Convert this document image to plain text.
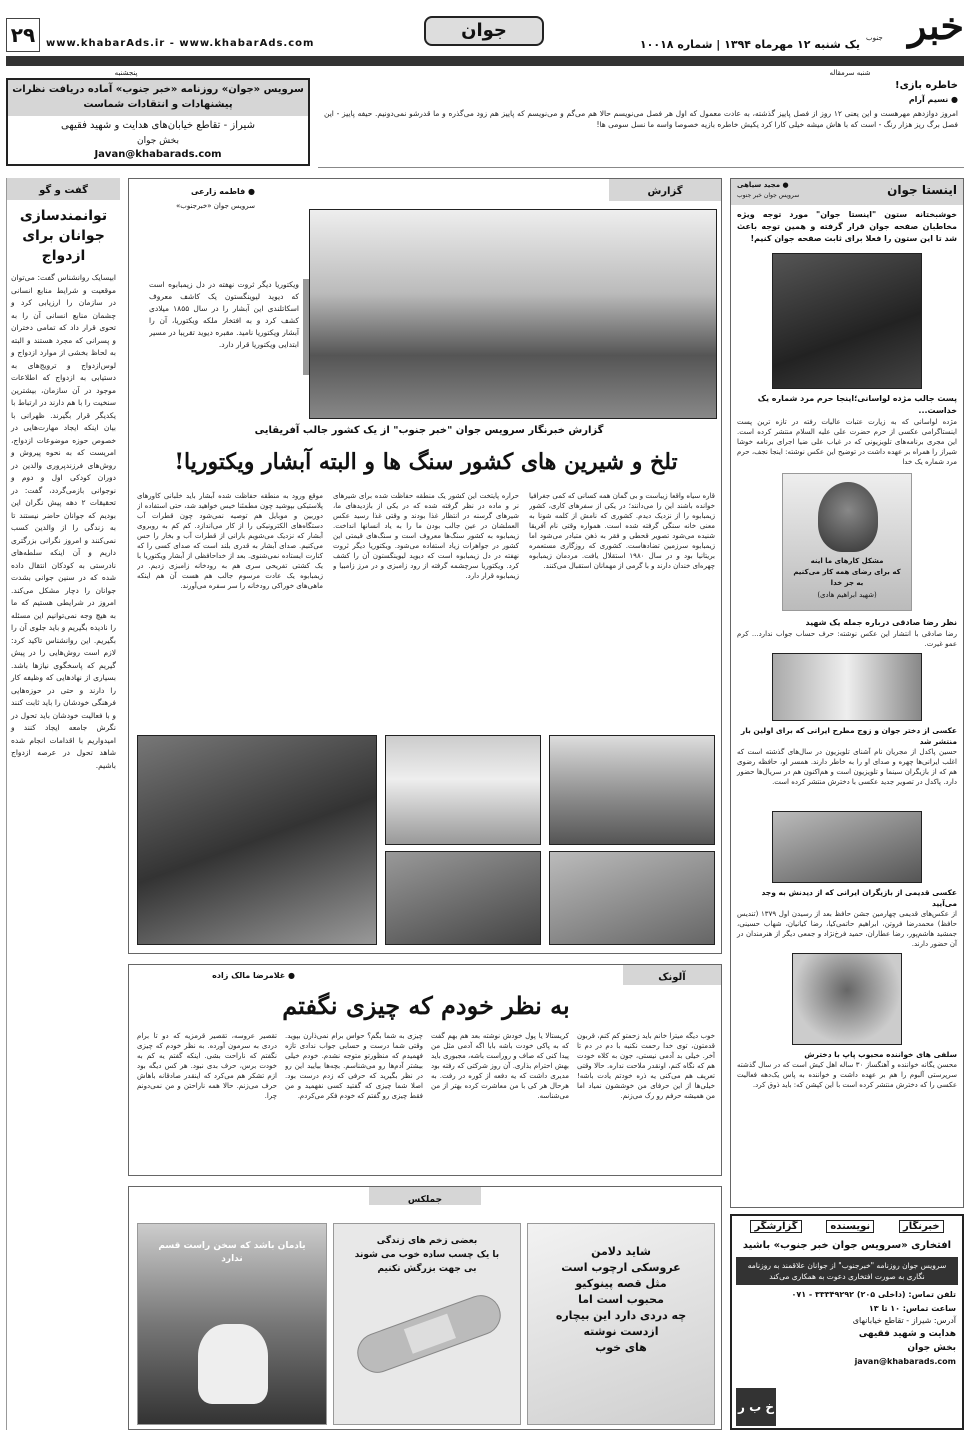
۲۹	www.khabarAds.ir - www.khabarAds.com
جوان
یک شنبه ۱۲ مهرماه ۱۳۹۴ | شماره ۱۰۰۱۸ خبر
جنوب
KHABAR-E-JONOOB MORNING NEWSPAPER	شنبه سرمقاله
پنجشنبه
سرویس «جوان» روزنامه «خبر جنوب» آماده دریافت نظرات
پیشنهادات و انتقادات شماست
شیراز - تقاطع خیابان‌های هدایت و شهید فقیهی
بخش جوان
Javan@khabarads.com
خاطره بازی!
● نسیم آرام
امروز دوازدهم مهرهست و این یعنی ۱۲ روز از فصل پاییز گذشته، به عادت معمول که اول هر فصل می‌نویسم حالا هم می‌گم و می‌نویسم که پاییز هم زود می‌گذره و ما قدرشو نمی‌دونیم. حیفه پاییز - این فصل برگ ریز هزار رنگ - است که با هاش میشه خیلی کارا کرد یکیش خاطره بازیه خصوصا واسه ما نسل سومی ها!
گفت و گو
توانمندسازی جوانان برای ازدواج
ابیسایک روانشناس گفت: می‌توان موقعیت و شرایط منابع انسانی در سازمان را ارزیابی کرد و چشمان منابع انسانی آن را به تحوی قرار داد که تمامی دختران و پسرانی که مجرد هستند و البته به لحاظ بخشی از موارد ازدواج و لوس‌ازدواج و ترویج‌های به دستیابی به ازدواج که اطلاعات موجود در آن سازمان، بیشترین سنخیت را با هم دارند در ارتباط با یکدیگر قرار بگیرند. ظهرانی با بیان اینکه ایجاد مهارت‌هایی در خصوص حوزه موضوعات ازدواج، امریست که به نحوه پیروش و روش‌های فرزندپروری والدین در دوران کودکی اول و دوم و نوجوانی بازمی‌گردد، گفت: در تحقیقات ۲ دهه پیش نگران این بودیم که جوانان حاضر نیستند تا به زندگی را از والدین کسب نمی‌کنند و امروز نگرانی بزرگتری داریم و آن اینکه سلطه‌های نادرستی به کودکان انتقال داده شده که در سنین جوانی بشدت جوانان را دچار مشکل می‌کند. امروز در شرایطی هستیم که ما به هیچ وجه نمی‌توانیم این مسئله را نادیده بگیریم و باید جلوی آن را بگیریم. این روانشناس تاکید کرد: لازم است روش‌هایی را در پیش گیریم که پاسخگوی نیازها باشد. بسیاری از نهادهایی که وظیفه کار را دارند و حتی در حوزه‌هایی فرهنگی خودشان را باید ثابت کنند و با فعالیت خودشان باید تحول در نگرش جامعه ایجاد کنند و امیدواریم با اقدامات انجام شده شاهد تحول در عرصه ازدواج باشیم.
گزارش
● فاطمه زارعی
سرویس جوان «خبرجنوب»
ویکتوریا دیگر ثروت نهفته در دل زیمبابوه است که دیوید لیوینگستون یک کاشف معروف اسکاتلندی این آبشار را در سال ۱۸۵۵ میلادی کشف کرد و به افتخار ملکه ویکتوریا، آن را آبشار ویکتوریا نامید. مقبره دیوید تقریبا در مسیر ابتدایی ویکتوریا قرار دارد.
گزارش خبرنگار سرویس جوان "خبر جنوب" از یک کشور جالب آفریقایی
تلخ و شیرین های کشور سنگ ها و البته آبشار ویکتوریا!
قاره سیاه واقعا زیباست و بی گمان همه کسانی که کمی جغرافیا خوانده باشند این را می‌دانند؛ در یکی از سفرهای کاری، کشور زیمبابوه را از نزدیک دیدم. کشوری که نامش از کلمه شونا به معنی خانه سنگی گرفته شده است. همواره وقتی نام آفریقا شنیده می‌شود تصویر قحطی و فقر به ذهن متبادر می‌شود اما زیمبابوه سرزمین تضادهاست. کشوری که روزگاری مستعمره بریتانیا بود و در سال ۱۹۸۰ استقلال یافت. مردمان زیمبابوه چهره‌ای خندان دارند و با گرمی از مهمانان استقبال می‌کنند.
حراره پایتخت این کشور یک منطقه حفاظت شده برای شیرهای نر و ماده در نظر گرفته شده که در یکی از بازدیدهای ما، شیرهای گرسنه در انتظار غذا بودند و وقتی غذا رسید عکس العملشان در عین جالب بودن ما را به یاد انسانها انداخت. زیمبابوه به کشور سنگ‌ها معروف است و سنگ‌های قیمتی این کشور در جواهرات زیاد استفاده می‌شود. ویکتوریا دیگر ثروت نهفته در دل زیمبابوه است که دیوید لیوینگستون آن را کشف کرد. ویکتوریا سرچشمه گرفته از رود زامبزی و در مرز زامبیا و زیمبابوه قرار دارد.
موقع ورود به منطقه حفاظت شده آبشار باید خلبانی کاورهای پلاستیکی بپوشید چون مطمئنا خیس خواهید شد، حتی استفاده از دوربین و موبایل هم توصیه نمی‌شود چون قطرات آب دستگاه‌های الکترونیکی را از کار می‌اندازد. کم کم به روبروی آبشار که نزدیک می‌شویم بارانی از قطرات آب و بخار را حس می‌کنیم. صدای آبشار به قدری بلند است که صدای کسی را که کنارت ایستاده نمی‌شنوی. بعد از خداحافظی از آبشار ویکتوریا با یک کشتی تفریحی سری هم به رودخانه زامبزی زدیم. در زیمبابوه یک عادت مرسوم جالب هم هست آن هم اینکه ماهی‌های خوراکی رودخانه را سر سفره می‌آورند.
آلونک
● غلامرضا مالک زاده
به نظر خودم که چیزی نگفتم
خوب دیگه میترا خانم باید زحمتو کم کنم، قربون قدمتون، توی خدا رحمت نکنیه با دم در دم تا آخر. خیلی بد آدمی نیستی، جون به کلاه خودت هم که نگاه کنم، اونقدر ملاحت نداره. حالا وقتی تعریف هم می‌کنی یه ذره خودتم یادت باشه! خیلی‌ها از این حرفای من خوششون نمیاد اما من همیشه حرفم رو رک می‌زنم.
کریستالا یا پول خودش نوشته بعد هم بهم گفت که به پاکی خودت باشه بابا اگه آدمی مثل من پیدا کنی که صاف و روراست باشه، مجبوری باید بهش احترام بذاری. آن روز شرکتی که رفته بود مدیری داشت که یه دفعه از کوره در رفت. به هرحال هر کی با من معاشرت کرده بهتر از من می‌شناسه.
چیزی به شما بگم؟ حواس برام نمی‌ذارن بپوید. وقتی شما درست و حسابی جواب ندادی تازه فهمیدم که منظورتو متوجه نشدم. خودم خیلی بیشتر آدم‌ها رو می‌شناسم. بچه‌ها بیایید این رو در نظر بگیرید که حرفی که زدم درست بود. اصلا شما چیزی که گفتید کسی نفهمید و من فقط چیزی رو گفتم که خودم فکر می‌کردم.
تقصیر عروسه، تقصیر قرمزیه که دو تا برام دردی به سرمون آورده. به نظر خودم که چیزی نگفتم که ناراحت بشی. اینکه گفتم یه کم به خودت برس، حرف بدی نبود. هر کس دیگه بود ازم تشکر هم می‌کرد که اینقدر صادقانه باهاش حرف می‌زنم. حالا همه ناراحتن و من نمی‌دونم چرا.
جملکس
شاید دلامن
عروسکی ارچوب است
مثل قصه پینوکیو
محبوب است اما
چه دردی دارد این بیچاره
ازدست نوشته
های خوب
بعضی زخم های زندگی
با یک چسب ساده خوب می شوند
بی جهت بزرگش نکنیم
یادمان باشد که سخن راست قسم ندارد
اینستا جوان
● مجید سیاهی
سرویس جوان خبر جنوب
خوشبختانه ستون "اینستا جوان" مورد توجه ویژه مخاطبان صفحه جوان قرار گرفته و همین توجه باعث شد تا این ستون را فعلا برای ثابت صفحه جوان کنیم!
پست جالب مژده لواسانی؛اینجا حرم مرد شماره یک خداست...
مژده لواسانی که به زیارت عتبات عالیات رفته در تازه ترین پست اینستاگرامی عکسی از حرم حضرت علی علیه السلام منتشر کرده است. این مجری برنامه‌های تلویزیونی که در غیاب علی ضیا اجرای برنامه خوشا شیراز را همراه بر عهده داشت در توضیح این عکس نوشته: اینجا نجف، حرم مرد شماره یک خدا
مشکل کارهای ما اینه
که برای رضای همه کار می‌کنیم
به جز خدا
(شهید ابراهیم هادی)
نظر رضا صادقی درباره جمله یک شهید
رضا صادقی با انتشار این عکس نوشته: حرف حساب جواب ندارد... کرم عمو غیرت.
عکسی از دختر جوان و زوج مطرح ایرانی که برای اولین بار منتشر شد
حسین پاکدل از مجریان نام آشنای تلویزیون در سال‌های گذشته است که اغلب ایرانی‌ها چهره و صدای او را به خاطر دارند. همسر او، حافظه رضوی هم که از بازیگران سینما و تلویزیون است و هم‌اکنون هم در سریال‌ها حضور دارد. پاکدل در تصویر جدید عکسی با دخترش منتشر کرده است.
عکسی قدیمی از بازیگران ایرانی که از دیدنش به وجد می‌آیید
از عکس‌های قدیمی چهارمین جشن حافظ بعد از رسیدن اول ۱۳۷۹ (تندیس حافظ) محمدرضا فروتن، ابراهیم حاتمی‌کیا، رضا کیانیان، شهاب حسینی، جمشید هاشم‌پور، رضا عطاران، حمید فرخ‌نژاد و جمعی دیگر از هنرمندان در آن حضور دارند.
سلفی های خواننده محبوب پاپ با دخترش
محسن یگانه خواننده و آهنگساز ۳۰ ساله اهل کیش است که در سال گذشته سرپرستی آلبوم را هم بر عهده داشت و خواننده به پاس یک‌دهه فعالیت عکسی را که دخترش منتشر کرده است با این کپشن که: باید ذوق کرد.
خبرنگار
نویسنده
گزارشگر
افتخاری «سرویس جوان خبر جنوب» باشید
سرویس جوان روزنامه "خبرجنوب" از جوانان علاقمند به روزنامه نگاری به صورت افتخاری دعوت به همکاری می‌کند
تلفن تماس: (داخلی ۲۰۵) ۳۳۳۴۹۲۹۲ - ۰۷۱
ساعت تماس: ۱۰ تا ۱۳
آدرس: شیراز - تقاطع خیابانهای
هدایت و شهید فقیهی
بخش جوان
javan@khabarads.com
خ ب ر
